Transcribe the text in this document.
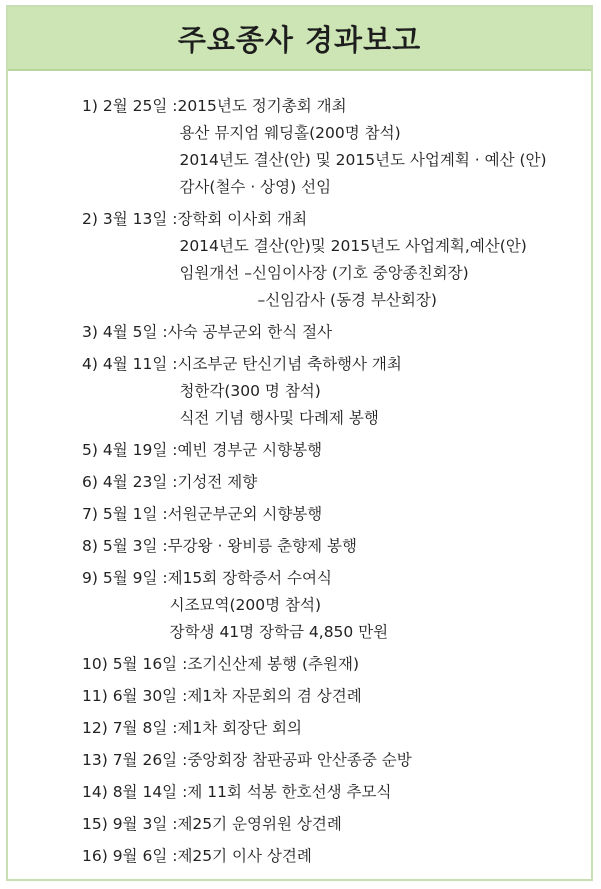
주요종사 경과보고
1) 2월 25일 : 2015년도 정기총회 개최
용산 뮤지엄 웨딩홀(200명 참석)
2014년도 결산(안) 및 2015년도 사업계획 · 예산 (안)
감사(철수 · 상영) 선임
2) 3월 13일 : 장학회 이사회 개최
2014년도 결산(안)및 2015년도 사업계획,예산(안)
임원개선 –신임이사장 (기호 중앙종친회장)
–신임감사 (동경 부산회장)
3) 4월 5일 : 사숙 공부군외 한식 절사
4) 4월 11일 : 시조부군 탄신기념 축하행사 개최
청한각(300 명 참석)
식전 기념 행사및 다례제 봉행
5) 4월 19일 : 예빈 경부군 시향봉행
6) 4월 23일 : 기성전 제향
7) 5월 1일 : 서원군부군외 시향봉행
8) 5월 3일 : 무강왕 · 왕비릉 춘향제 봉행
9) 5월 9일 : 제15회 장학증서 수여식
시조묘역(200명 참석)
장학생 41명 장학금 4,850 만원
10) 5월 16일 : 조기신산제 봉행 (추원재)
11) 6월 30일 : 제1차 자문회의 겸 상견례
12) 7월 8일 : 제1차 회장단 회의
13) 7월 26일 : 중앙회장 참판공파 안산종중 순방
14) 8월 14일 : 제 11회 석봉 한호선생 추모식
15) 9월 3일 : 제25기 운영위원 상견례
16) 9월 6일 : 제25기 이사 상견례
